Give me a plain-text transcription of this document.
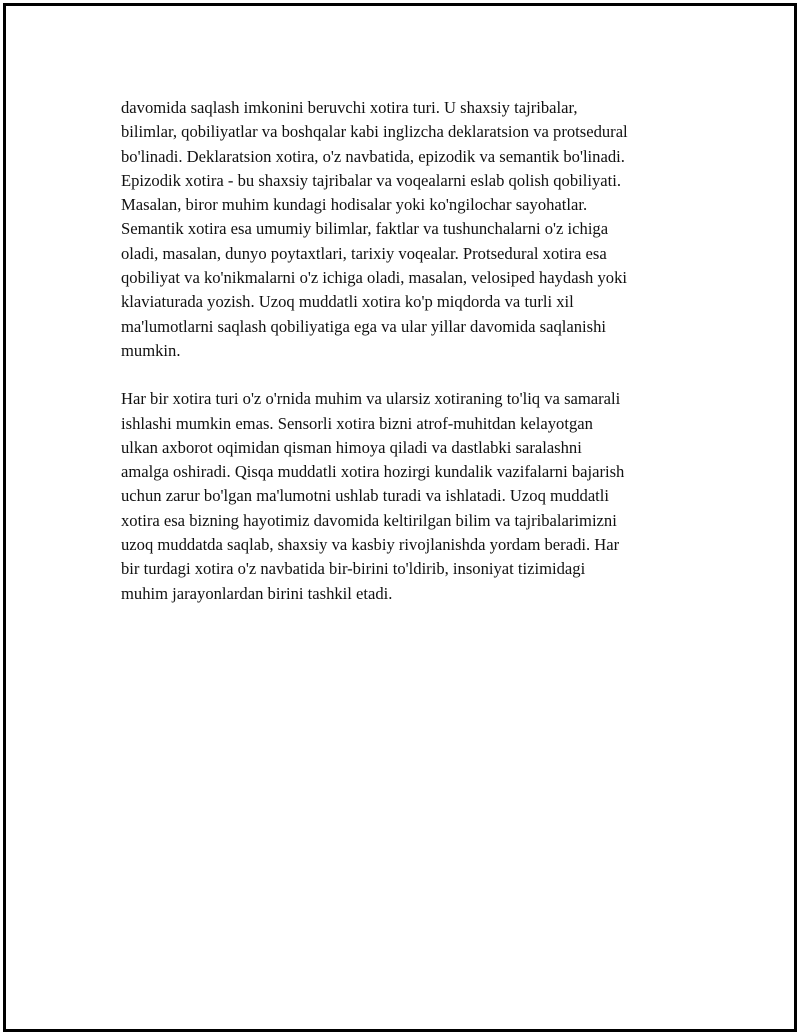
davomida saqlash imkonini beruvchi xotira turi. U shaxsiy tajribalar,
bilimlar, qobiliyatlar va boshqalar kabi inglizcha deklaratsion va protsedural
bo'linadi. Deklaratsion xotira, o'z navbatida, epizodik va semantik bo'linadi.
Epizodik xotira - bu shaxsiy tajribalar va voqealarni eslab qolish qobiliyati.
Masalan, biror muhim kundagi hodisalar yoki ko'ngilochar sayohatlar.
Semantik xotira esa umumiy bilimlar, faktlar va tushunchalarni o'z ichiga
oladi, masalan, dunyo poytaxtlari, tarixiy voqealar. Protsedural xotira esa
qobiliyat va ko'nikmalarni o'z ichiga oladi, masalan, velosiped haydash yoki
klaviaturada yozish. Uzoq muddatli xotira ko'p miqdorda va turli xil
ma'lumotlarni saqlash qobiliyatiga ega va ular yillar davomida saqlanishi
mumkin.

Har bir xotira turi o'z o'rnida muhim va ularsiz xotiraning to'liq va samarali
ishlashi mumkin emas. Sensorli xotira bizni atrof-muhitdan kelayotgan
ulkan axborot oqimidan qisman himoya qiladi va dastlabki saralashni
amalga oshiradi. Qisqa muddatli xotira hozirgi kundalik vazifalarni bajarish
uchun zarur bo'lgan ma'lumotni ushlab turadi va ishlatadi. Uzoq muddatli
xotira esa bizning hayotimiz davomida keltirilgan bilim va tajribalarimizni
uzoq muddatda saqlab, shaxsiy va kasbiy rivojlanishda yordam beradi. Har
bir turdagi xotira o'z navbatida bir-birini to'ldirib, insoniyat tizimidagi
muhim jarayonlardan birini tashkil etadi.
